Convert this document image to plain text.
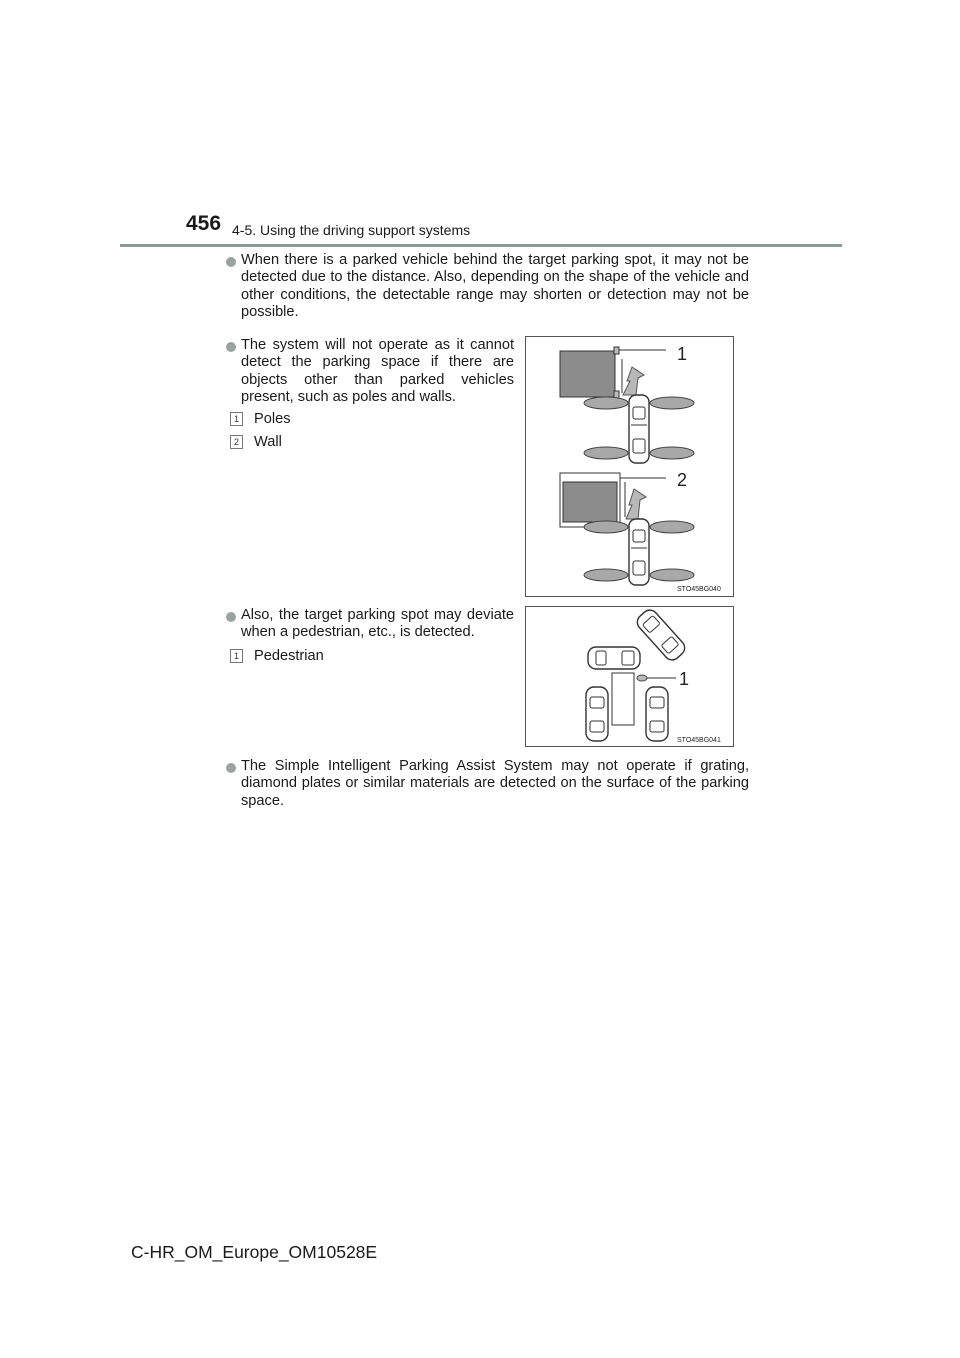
456 4-5. Using the driving support systems
When there is a parked vehicle behind the target parking spot, it may not be detected due to the distance. Also, depending on the shape of the vehicle and other conditions, the detectable range may shorten or detection may not be possible.
The system will not operate as it cannot detect the parking space if there are objects other than parked vehicles present, such as poles and walls.
1 Poles
2 Wall
1
2
STO45BG040
Also, the target parking spot may deviate when a pedestrian, etc., is detected.
1 Pedestrian
1
STO45BG041
The Simple Intelligent Parking Assist System may not operate if grating, diamond plates or similar materials are detected on the surface of the parking space.
C-HR_OM_Europe_OM10528E
